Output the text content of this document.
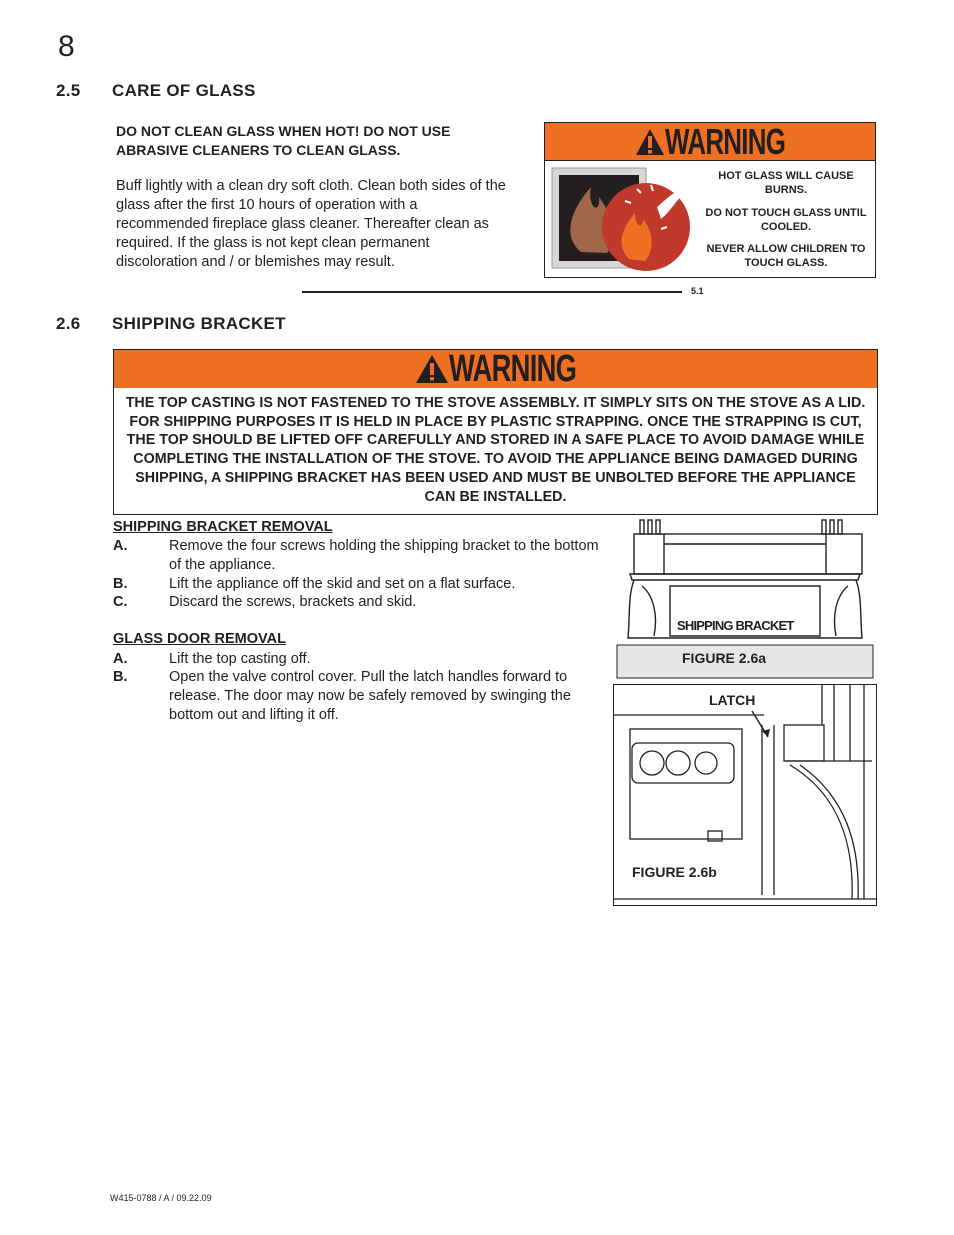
8
2.5 CARE OF GLASS
DO NOT CLEAN GLASS WHEN HOT! DO NOT USE ABRASIVE CLEANERS TO CLEAN GLASS.
Buff lightly with a clean dry soft cloth. Clean both sides of the glass after the first 10 hours of operation with a recommended fireplace glass cleaner. Thereafter clean as required. If the glass is not kept clean permanent discoloration and / or blemishes may result.
WARNING
HOT GLASS WILL CAUSE BURNS.
DO NOT TOUCH GLASS UNTIL COOLED.
NEVER ALLOW CHILDREN TO TOUCH GLASS.
5.1
2.6 SHIPPING BRACKET
WARNING
THE TOP CASTING IS NOT FASTENED TO THE STOVE ASSEMBLY. IT SIMPLY SITS ON THE STOVE AS A LID. FOR SHIPPING PURPOSES IT IS HELD IN PLACE BY PLASTIC STRAPPING. ONCE THE STRAPPING IS CUT, THE TOP SHOULD BE LIFTED OFF CAREFULLY AND STORED IN A SAFE PLACE TO AVOID DAMAGE WHILE COMPLETING THE INSTALLATION OF THE STOVE. TO AVOID THE APPLIANCE BEING DAMAGED DURING SHIPPING, A SHIPPING BRACKET HAS BEEN USED AND MUST BE UNBOLTED BEFORE THE APPLIANCE CAN BE INSTALLED.
SHIPPING BRACKET REMOVAL
A.	Remove the four screws holding the shipping bracket to the bottom of the appliance.
B.	Lift the appliance off the skid and set on a flat surface.
C.	Discard the screws, brackets and skid.
GLASS DOOR REMOVAL
A.	Lift the top casting off.
B.	Open the valve control cover. Pull the latch handles forward to release. The door may now be safely removed by swinging the bottom out and lifting it off.
SHIPPING BRACKET
FIGURE 2.6a
LATCH
FIGURE 2.6b
W415-0788 / A / 09.22.09
